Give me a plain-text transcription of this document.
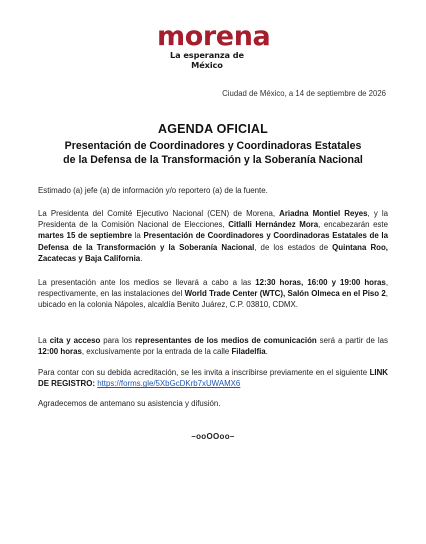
morena
La esperanza de México
Ciudad de México, a 14 de septiembre de 2026
AGENDA OFICIAL
Presentación de Coordinadores y Coordinadoras Estatales
de la Defensa de la Transformación y la Soberanía Nacional
Estimado (a) jefe (a) de información y/o reportero (a) de la fuente.
La Presidenta del Comité Ejecutivo Nacional (CEN) de Morena, Ariadna Montiel Reyes, y la Presidenta de la Comisión Nacional de Elecciones, Citlalli Hernández Mora, encabezarán este martes 15 de septiembre la Presentación de Coordinadores y Coordinadoras Estatales de la Defensa de la Transformación y la Soberanía Nacional, de los estados de Quintana Roo, Zacatecas y Baja California.
La presentación ante los medios se llevará a cabo a las 12:30 horas, 16:00 y 19:00 horas, respectivamente, en las instalaciones del World Trade Center (WTC), Salón Olmeca en el Piso 2, ubicado en la colonia Nápoles, alcaldía Benito Juárez, C.P. 03810, CDMX.
La cita y acceso para los representantes de los medios de comunicación será a partir de las 12:00 horas, exclusivamente por la entrada de la calle Filadelfia.
Para contar con su debida acreditación, se les invita a inscribirse previamente en el siguiente LINK DE REGISTRO: https://forms.gle/5XbGcDKrb7xUWAMX6
Agradecemos de antemano su asistencia y difusión.
–ooOOoo–
